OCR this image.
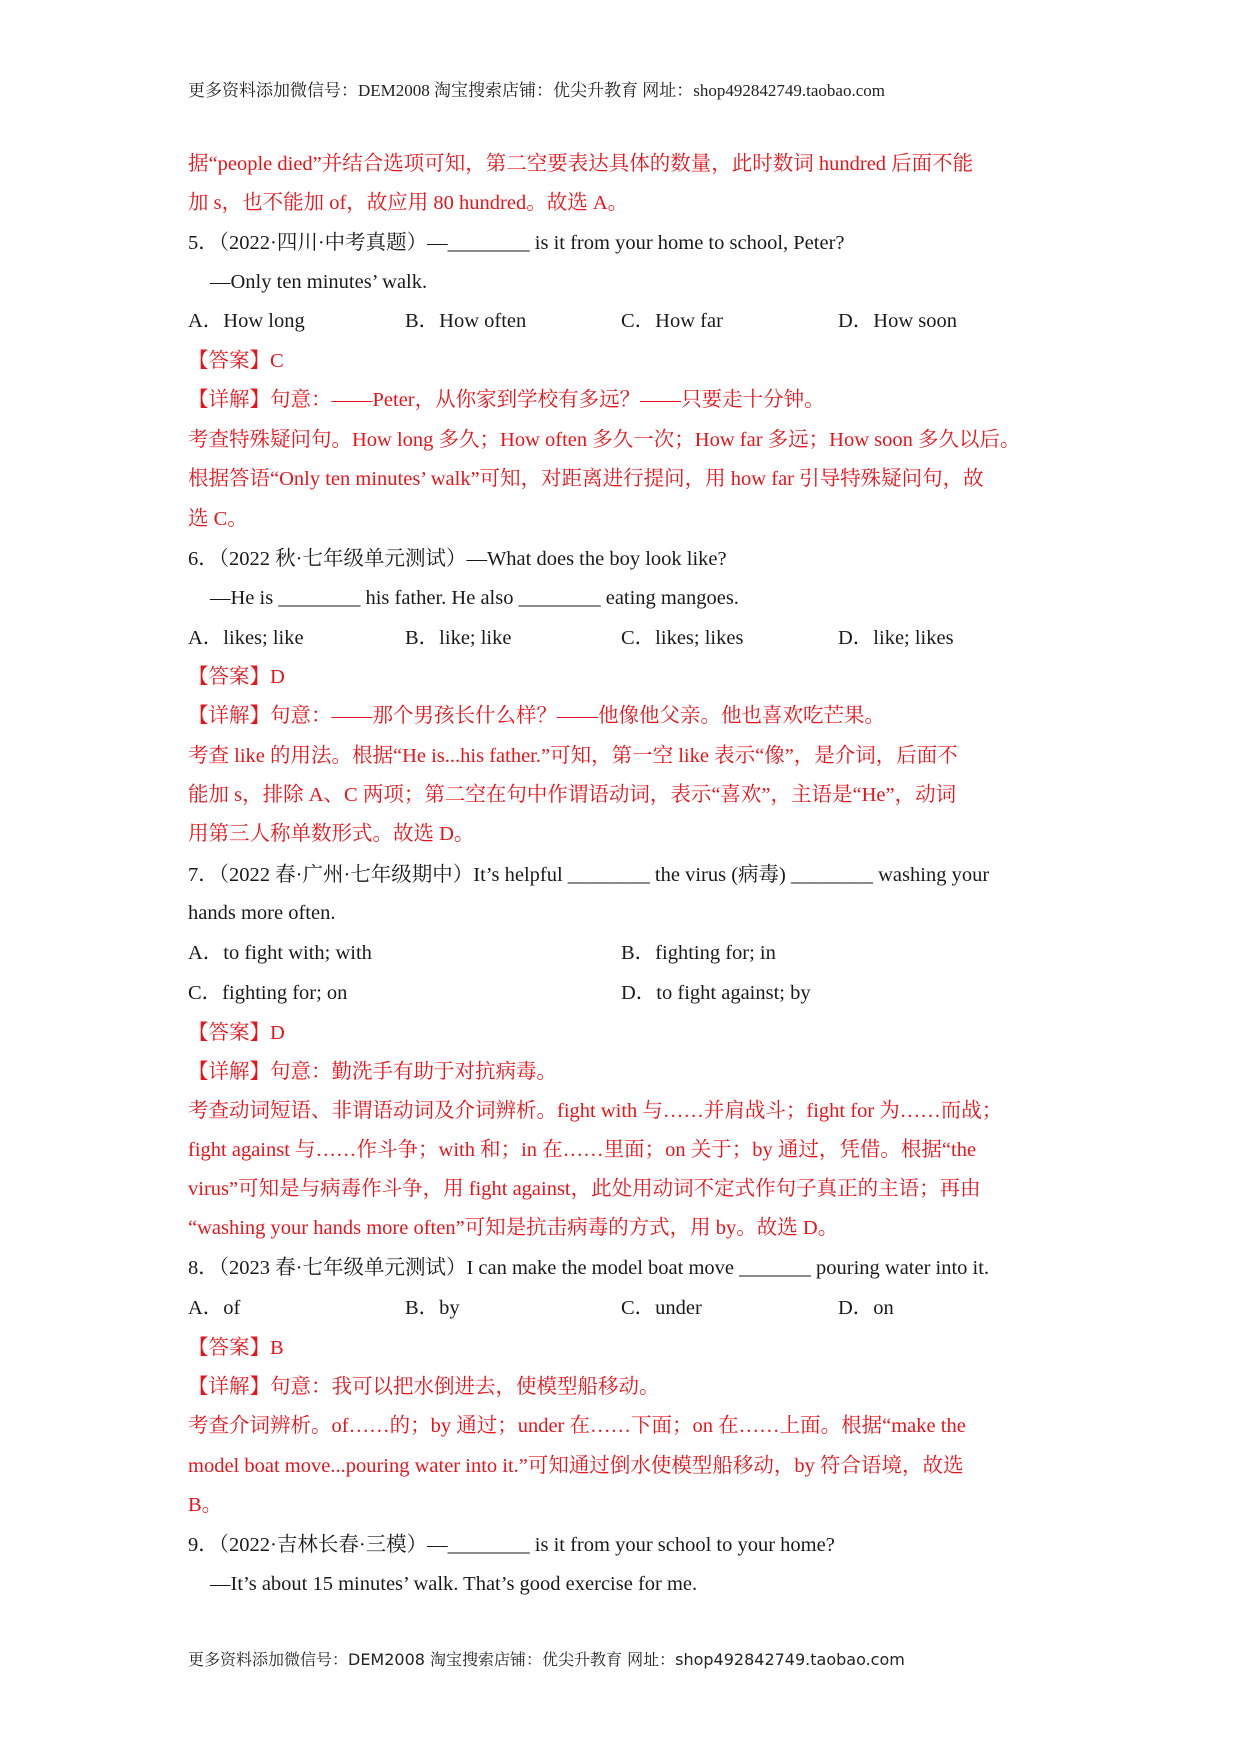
更多资料添加微信号：DEM2008 淘宝搜索店铺：优尖升教育 网址：shop492842749.taobao.com
据“people died”并结合选项可知，第二空要表达具体的数量，此时数词 hundred 后面不能
加 s，也不能加 of，故应用 80 hundred。故选 A。
5．（2022·四川·中考真题）—________ is it from your home to school, Peter?
—Only ten minutes’ walk.
A．How long	B．How often	C．How far	D．How soon
【答案】C
【详解】句意：——Peter，从你家到学校有多远？——只要走十分钟。
考查特殊疑问句。How long 多久；How often 多久一次；How far 多远；How soon 多久以后。
根据答语“Only ten minutes’ walk”可知，对距离进行提问，用 how far 引导特殊疑问句，故
选 C。
6．（2022 秋·七年级单元测试）—What does the boy look like?
—He is ________ his father. He also ________ eating mangoes.
A．likes; like	B．like; like	C．likes; likes	D．like; likes
【答案】D
【详解】句意：——那个男孩长什么样？——他像他父亲。他也喜欢吃芒果。
考查 like 的用法。根据“He is...his father.”可知，第一空 like 表示“像”，是介词，后面不
能加 s，排除 A、C 两项；第二空在句中作谓语动词，表示“喜欢”，主语是“He”，动词
用第三人称单数形式。故选 D。
7．（2022 春·广州·七年级期中）It’s helpful ________ the virus (病毒) ________ washing your
hands more often.
A．to fight with; with	B．fighting for; in
C．fighting for; on	D．to fight against; by
【答案】D
【详解】句意：勤洗手有助于对抗病毒。
考查动词短语、非谓语动词及介词辨析。fight with 与……并肩战斗；fight for 为……而战；
fight against 与……作斗争；with 和；in 在……里面；on 关于；by 通过，凭借。根据“the
virus”可知是与病毒作斗争，用 fight against，此处用动词不定式作句子真正的主语；再由
“washing your hands more often”可知是抗击病毒的方式，用 by。故选 D。
8．（2023 春·七年级单元测试）I can make the model boat move _______ pouring water into it.
A．of	B．by	C．under	D．on
【答案】B
【详解】句意：我可以把水倒进去，使模型船移动。
考查介词辨析。of……的；by 通过；under 在……下面；on 在……上面。根据“make the
model boat move...pouring water into it.”可知通过倒水使模型船移动，by 符合语境，故选
B。
9．（2022·吉林长春·三模）—________ is it from your school to your home?
—It’s about 15 minutes’ walk. That’s good exercise for me.
更多资料添加微信号：DEM2008 淘宝搜索店铺：优尖升教育 网址：shop492842749.taobao.com
